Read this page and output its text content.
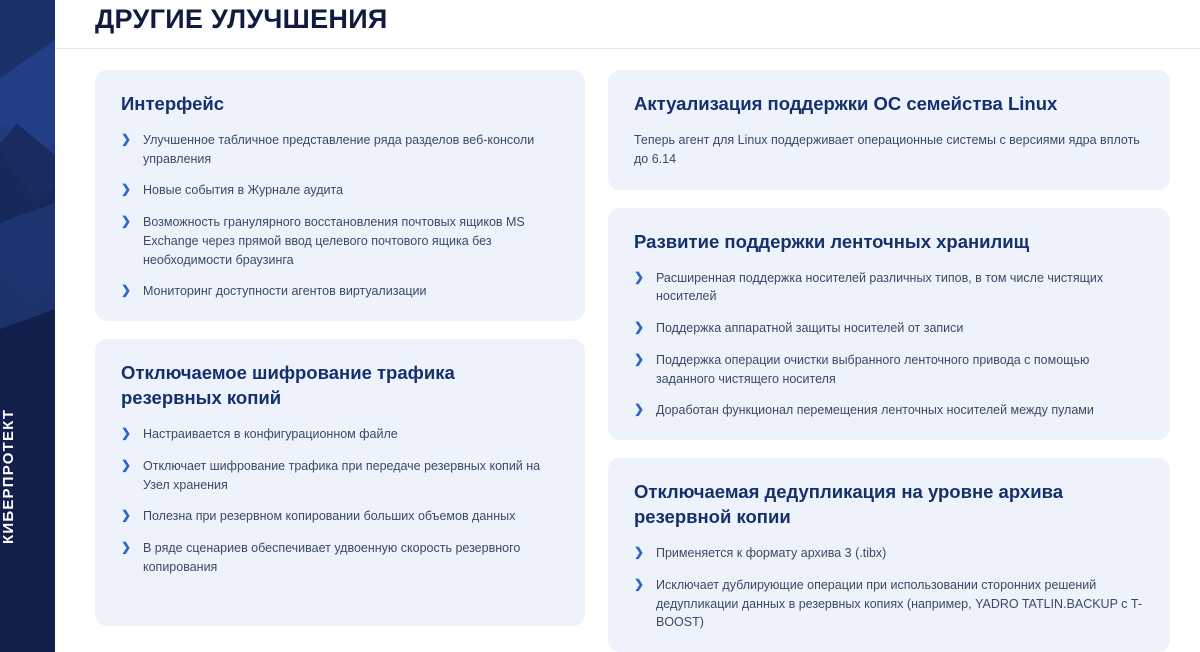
КИБЕРПРОТЕКТ
ДРУГИЕ УЛУЧШЕНИЯ
Интерфейс
❯ Улучшенное табличное представление ряда разделов веб-консоли управления
❯ Новые события в Журнале аудита
❯ Возможность гранулярного восстановления почтовых ящиков MS Exchange через прямой ввод целевого почтового ящика без необходимости браузинга
❯ Мониторинг доступности агентов виртуализации
Отключаемое шифрование трафика резервных копий
❯ Настраивается в конфигурационном файле
❯ Отключает шифрование трафика при передаче резервных копий на Узел хранения
❯ Полезна при резервном копировании больших объемов данных
❯ В ряде сценариев обеспечивает удвоенную скорость резервного копирования
Актуализация поддержки ОС семейства Linux

Теперь агент для Linux поддерживает операционные системы с версиями ядра вплоть до 6.14

Развитие поддержки ленточных хранилищ
❯ Расширенная поддержка носителей различных типов, в том числе чистящих носителей
❯ Поддержка аппаратной защиты носителей от записи
❯ Поддержка операции очистки выбранного ленточного привода с помощью заданного чистящего носителя
❯ Доработан функционал перемещения ленточных носителей между пулами
Отключаемая дедупликация на уровне архива резервной копии
❯ Применяется к формату архива 3 (.tibx)
❯ Исключает дублирующие операции при использовании сторонних решений дедупликации данных в резервных копиях (например, YADRO TATLIN.BACKUP с T-BOOST)
